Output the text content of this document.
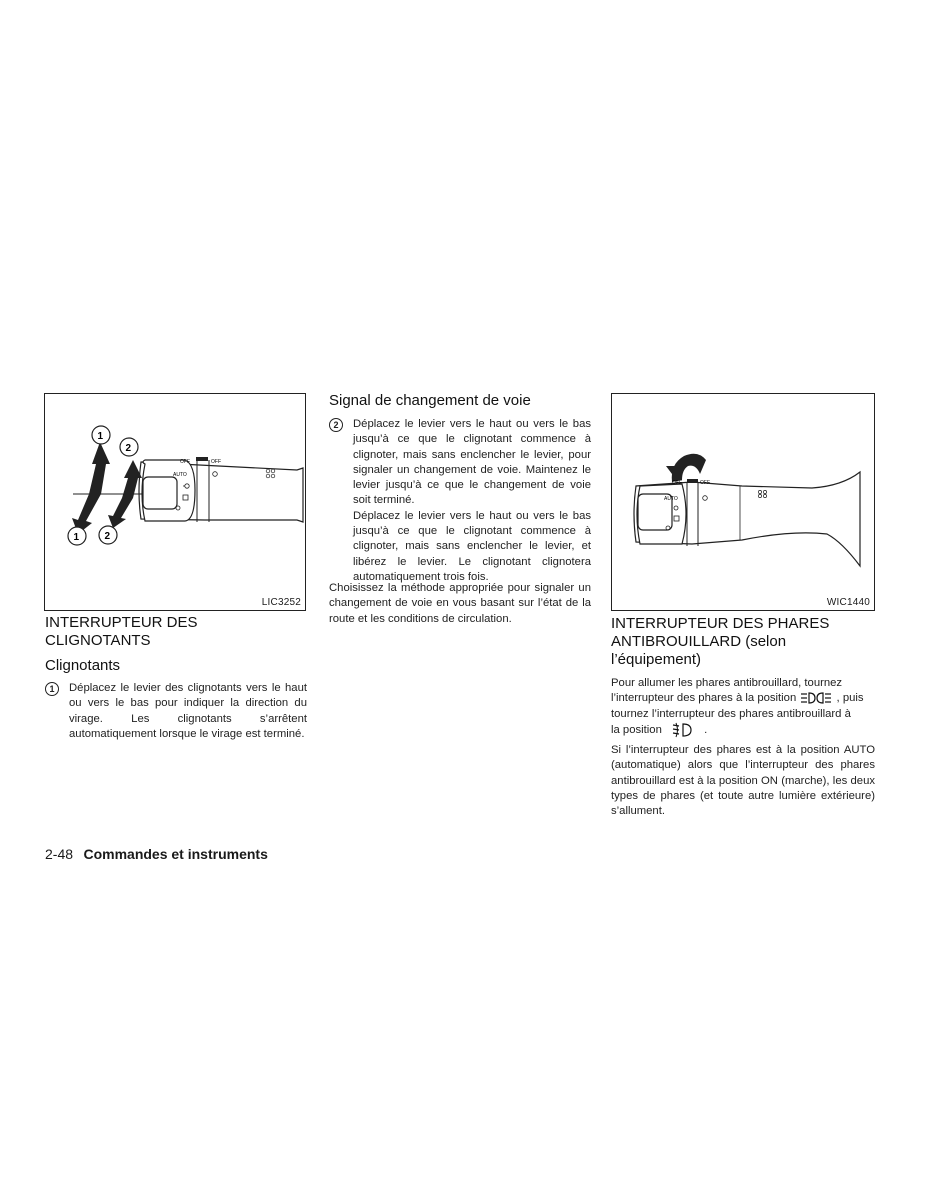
OFF	OFF
AUTO
1
2
1	2
LIC3252
INTERRUPTEUR DES CLIGNOTANTS
Clignotants
1	Déplacez le levier des clignotants vers le haut ou vers le bas pour indiquer la direction du virage. Les clignotants s’arrêtent automatiquement lorsque le virage est terminé.
Signal de changement de voie
2	Déplacez le levier vers le haut ou vers le bas jusqu’à ce que le clignotant commence à clignoter, mais sans enclencher le levier, pour signaler un changement de voie. Maintenez le levier jusqu’à ce que le changement de voie soit terminé.
Déplacez le levier vers le haut ou vers le bas jusqu’à ce que le clignotant commence à clignoter, mais sans enclencher le levier, et libérez le levier. Le clignotant clignotera automatiquement trois fois.
Choisissez la méthode appropriée pour signaler un changement de voie en vous basant sur l’état de la route et les conditions de circulation.
OFF	OFF
AUTO
WIC1440
INTERRUPTEUR DES PHARES
ANTIBROUILLARD (selon
l’équipement)
Pour allumer les phares antibrouillard, tournez
l’interrupteur des phares à la position	, puis
tournez l’interrupteur des phares antibrouillard à
la position	.
Si l’interrupteur des phares est à la position AUTO (automatique) alors que l’interrupteur des phares antibrouillard est à la position ON (marche), les deux types de phares (et toute autre lumière extérieure) s’allument.
2-48 Commandes et instruments
